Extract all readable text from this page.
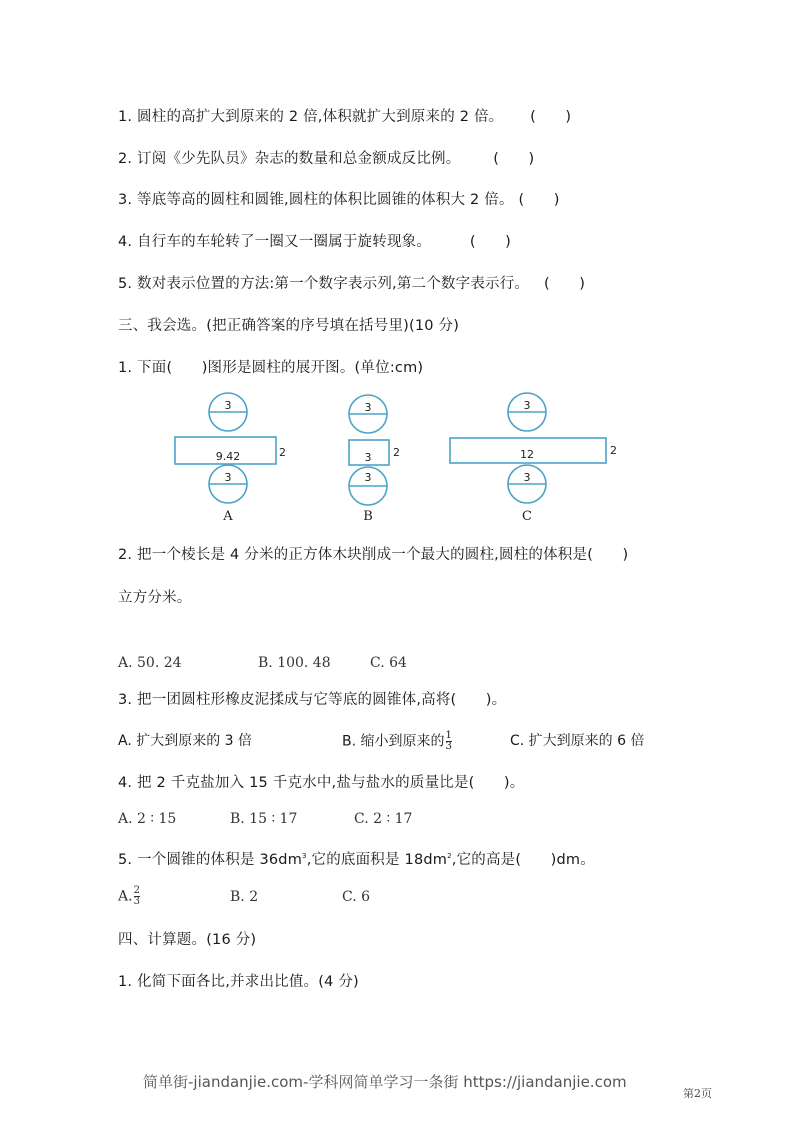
1. 圆柱的高扩大到原来的 2 倍,体积就扩大到原来的 2 倍。 (　　)
2. 订阅《少先队员》杂志的数量和总金额成反比例。 (　　)
3. 等底等高的圆柱和圆锥,圆柱的体积比圆锥的体积大 2 倍。 (　　)
4. 自行车的车轮转了一圈又一圈属于旋转现象。	(　　)
5. 数对表示位置的方法:第一个数字表示列,第二个数字表示行。 (　　)
三、我会选。(把正确答案的序号填在括号里)(10 分)
1. 下面(　　)图形是圆柱的展开图。(单位:cm)
3
9.42	2
3
A
3
3 2
3
B
3
12	2
3
C
2. 把一个棱长是 4 分米的正方体木块削成一个最大的圆柱,圆柱的体积是(　　)
立方分米。
A. 50. 24	B. 100. 48	C. 64
3. 把一团圆柱形橡皮泥揉成与它等底的圆锥体,高将(　　)。
A. 扩大到原来的 3 倍	B. 缩小到原来的 $\frac{1}{3}$	C. 扩大到原来的 6 倍
4. 把 2 千克盐加入 15 千克水中,盐与盐水的质量比是(　　)。
A. 2 ∶ 15	B. 15 ∶ 17	C. 2 ∶ 17
5. 一个圆锥的体积是 $36dm^3$,它的底面积是 $18dm^2$,它的高是(　　)dm。
A. $\frac{2}{3}$	B. 2	C. 6
四、计算题。(16 分)
1. 化简下面各比,并求出比值。(4 分)
简单街-jiandanjie.com-学科网简单学习一条街 https://jiandanjie.com
第2页
